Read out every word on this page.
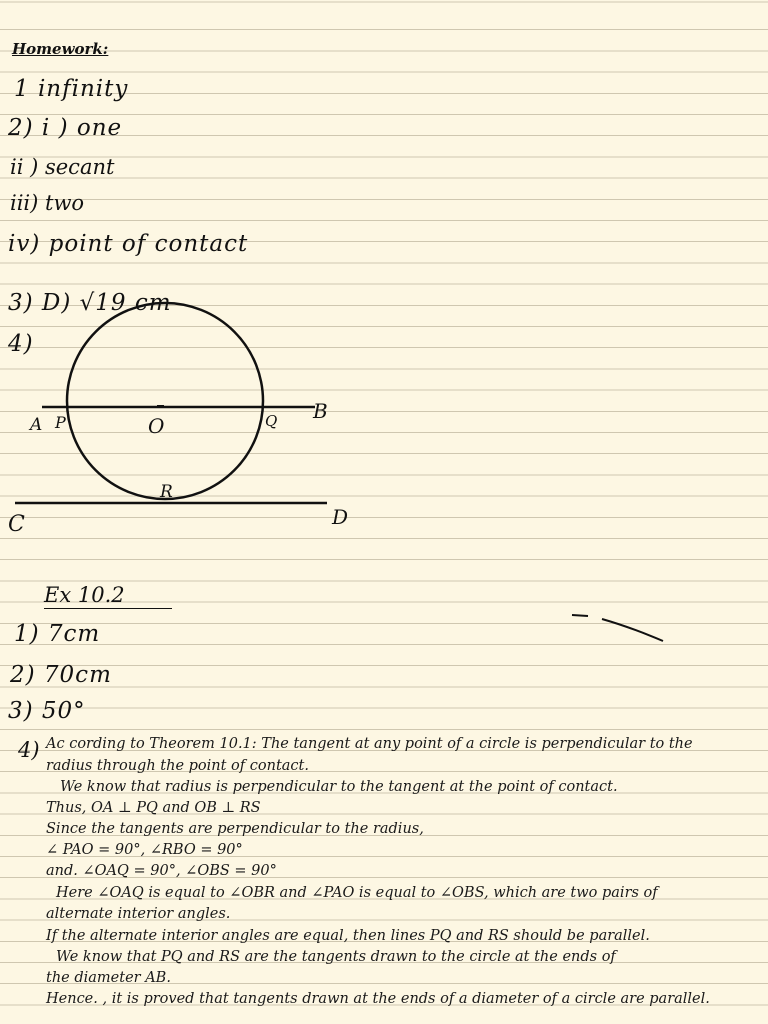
Homework:
1 infinity
2) i ) one
ii ) secant
iii) two
iv) point of contact
3) D) √19 cm
4)
A P	O	Q B
R
C	D
Ex 10.2
1) 7cm
2) 70cm
3) 50°
4) Ac cording to Theorem 10.1: The tangent at any point of a circle is perpendicular to the
radius through the point of contact.
We know that radius is perpendicular to the tangent at the point of contact.
Thus, OA ⊥ PQ and OB ⊥ RS
Since the tangents are perpendicular to the radius,
∠ PAO = 90°, ∠RBO = 90°
and. ∠OAQ = 90°, ∠OBS = 90°
Here ∠OAQ is equal to ∠OBR and ∠PAO is equal to ∠OBS, which are two pairs of
alternate interior angles.
If the alternate interior angles are equal, then lines PQ and RS should be parallel.
We know that PQ and RS are the tangents drawn to the circle at the ends of
the diameter AB.
Hence. , it is proved that tangents drawn at the ends of a diameter of a circle are parallel.
